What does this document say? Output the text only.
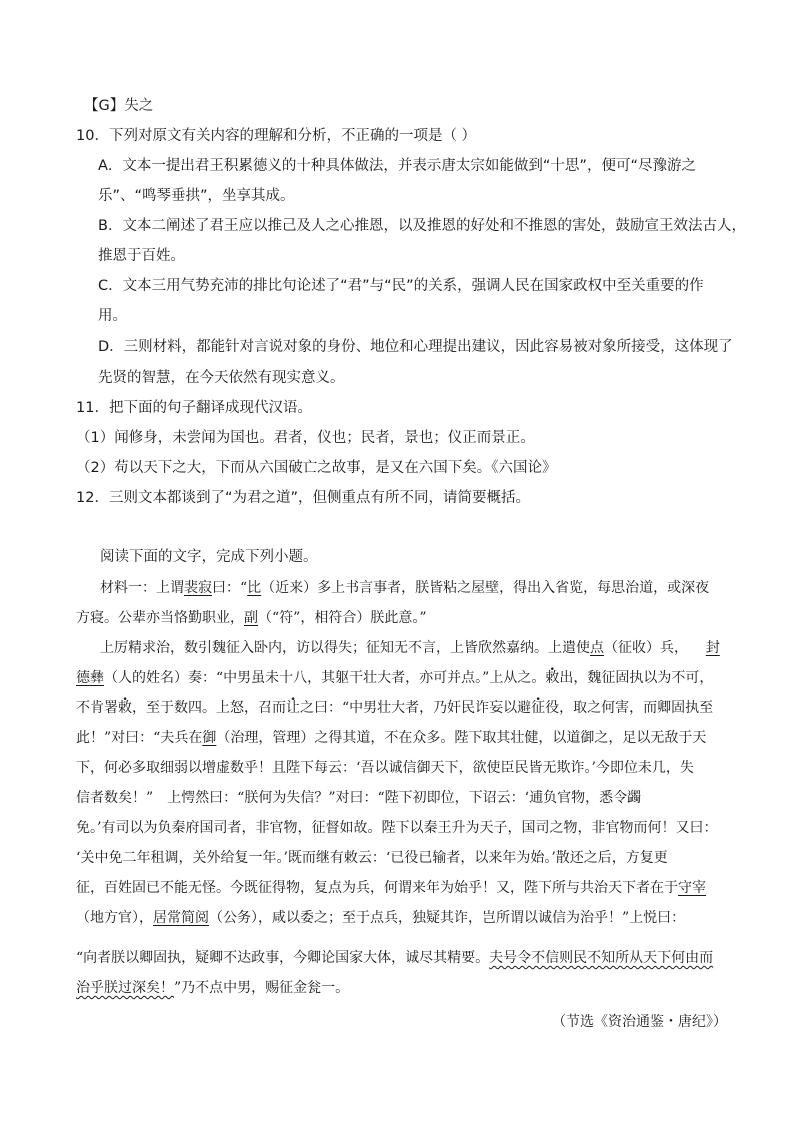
【G】失之
10．下列对原文有关内容的理解和分析，不正确的一项是（ ）
A．文本一提出君王积累德义的十种具体做法，并表示唐太宗如能做到“十思”，便可“尽豫游之
乐”、“鸣琴垂拱”，坐享其成。
B．文本二阐述了君王应以推己及人之心推恩，以及推恩的好处和不推恩的害处，鼓励宣王效法古人，
推恩于百姓。
C．文本三用气势充沛的排比句论述了“君”与“民”的关系，强调人民在国家政权中至关重要的作
用。
D．三则材料，都能针对言说对象的身份、地位和心理提出建议，因此容易被对象所接受，这体现了
先贤的智慧，在今天依然有现实意义。
11．把下面的句子翻译成现代汉语。
（1）闻修身，未尝闻为国也。君者，仪也；民者，景也；仪正而景正。
（2）苟以天下之大，下而从六国破亡之故事，是又在六国下矣。《六国论》
12．三则文本都谈到了“为君之道”，但侧重点有所不同，请简要概括。
阅读下面的文字，完成下列小题。
材料一：上谓裴寂曰：“比（近来）多上书言事者，朕皆粘之屋壁，得出入省览，每思治道，或深夜
方寝。公辈亦当恪勤职业，副（“符”，相符合）朕此意。”
上厉精求治，数引魏征入卧内，访以得失；征知无不言，上皆欣然嘉纳。上遣使点（征收）兵， 封
德彝（人的姓名）奏：“中男虽未十八，其躯干壮大者，亦可并点。”上从之。敕出，魏征固执以为不可，
不肯署敕，至于数四。上怒，召而让之曰：“中男壮大者，乃奸民诈妄以避征役，取之何害，而卿固执至
此！”对曰：“夫兵在御（治理，管理）之得其道，不在众多。陛下取其壮健，以道御之，足以无敌于天
下，何必多取细弱以增虚数乎！且陛下每云：‘吾以诚信御天下，欲使臣民皆无欺诈。’今即位未几，失
信者数矣！”　上愕然曰：“朕何为失信？”对曰：“陛下初即位，下诏云：‘逋负官物，悉令蠲
免。’有司以为负秦府国司者，非官物，征督如故。陛下以秦王升为天子，国司之物，非官物而何！又曰：
‘关中免二年租调，关外给复一年。’既而继有敕云：‘已役已输者，以来年为始。’散还之后，方复更
征，百姓固已不能无怪。今既征得物，复点为兵，何谓来年为始乎！又，陛下所与共治天下者在于守宰
（地方官），居常简阅（公务），咸以委之；至于点兵，独疑其诈，岂所谓以诚信为治乎！”上悦曰：
“向者朕以卿固执，疑卿不达政事，今卿论国家大体，诚尽其精要。夫号令不信则民不知所从天下何由而
治乎朕过深矣！”乃不点中男，赐征金瓮一。
（节选《资治通鉴・唐纪》）
